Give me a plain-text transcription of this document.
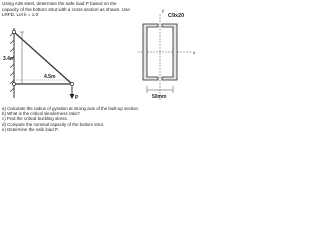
Using A36 steel, determine the safe load P based on the capacity of the bottom strut with a cross section as shown. Use LRFD. Let k = 1.0

3.4m
4.5m
P
C9x20
y
x
50mm
a) Calculate the radius of gyration at strong axis of the built-up section.
b) What is the critical slenderness ratio?
c) Find the critical buckling stress.
d) Compute the nominal capacity of the bottom strut.
e) Determine the safe load P.
